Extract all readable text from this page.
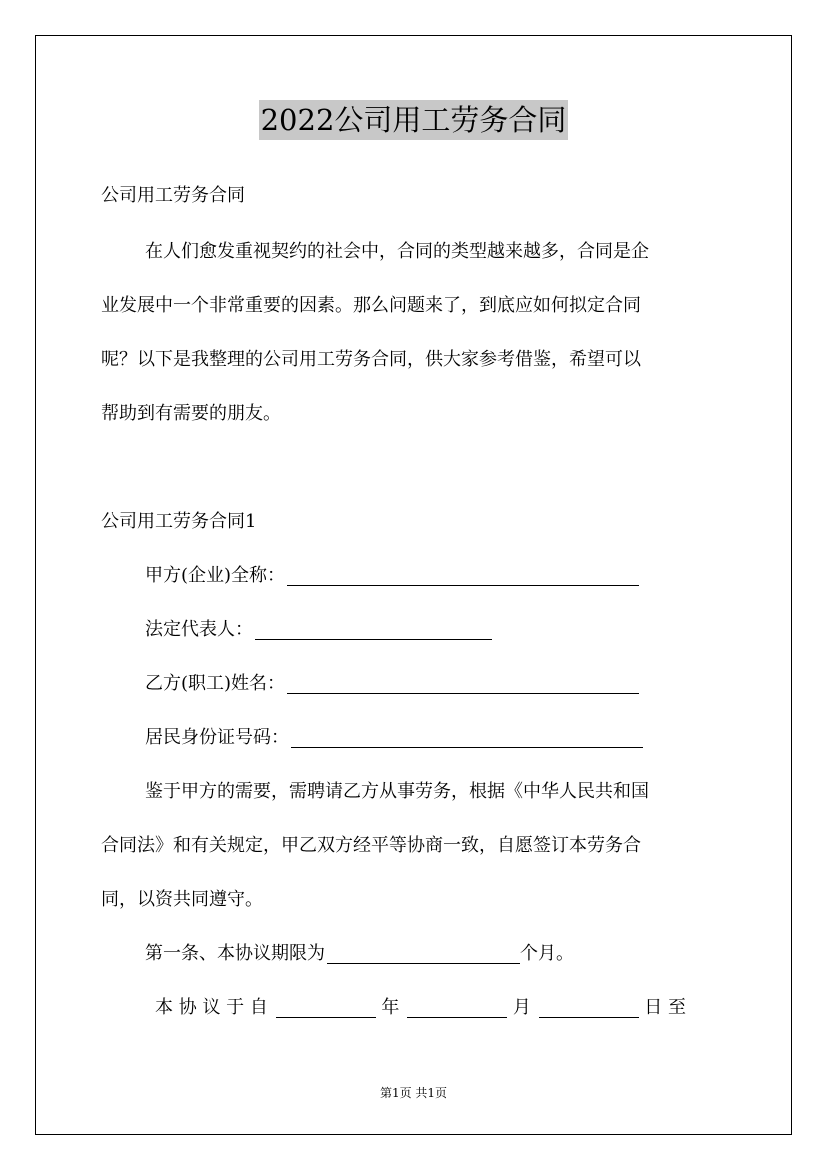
2022公司用工劳务合同
公司用工劳务合同
在人们愈发重视契约的社会中，合同的类型越来越多，合同是企
业发展中一个非常重要的因素。那么问题来了，到底应如何拟定合同
呢？以下是我整理的公司用工劳务合同，供大家参考借鉴，希望可以
帮助到有需要的朋友。
公司用工劳务合同1
甲方(企业)全称：
法定代表人：
乙方(职工)姓名：
居民身份证号码：
鉴于甲方的需要，需聘请乙方从事劳务，根据《中华人民共和国
合同法》和有关规定，甲乙双方经平等协商一致，自愿签订本劳务合
同，以资共同遵守。
第一条、本协议期限为	个月。
本 协 议 于 自	年	月	日 至
第1页 共1页
